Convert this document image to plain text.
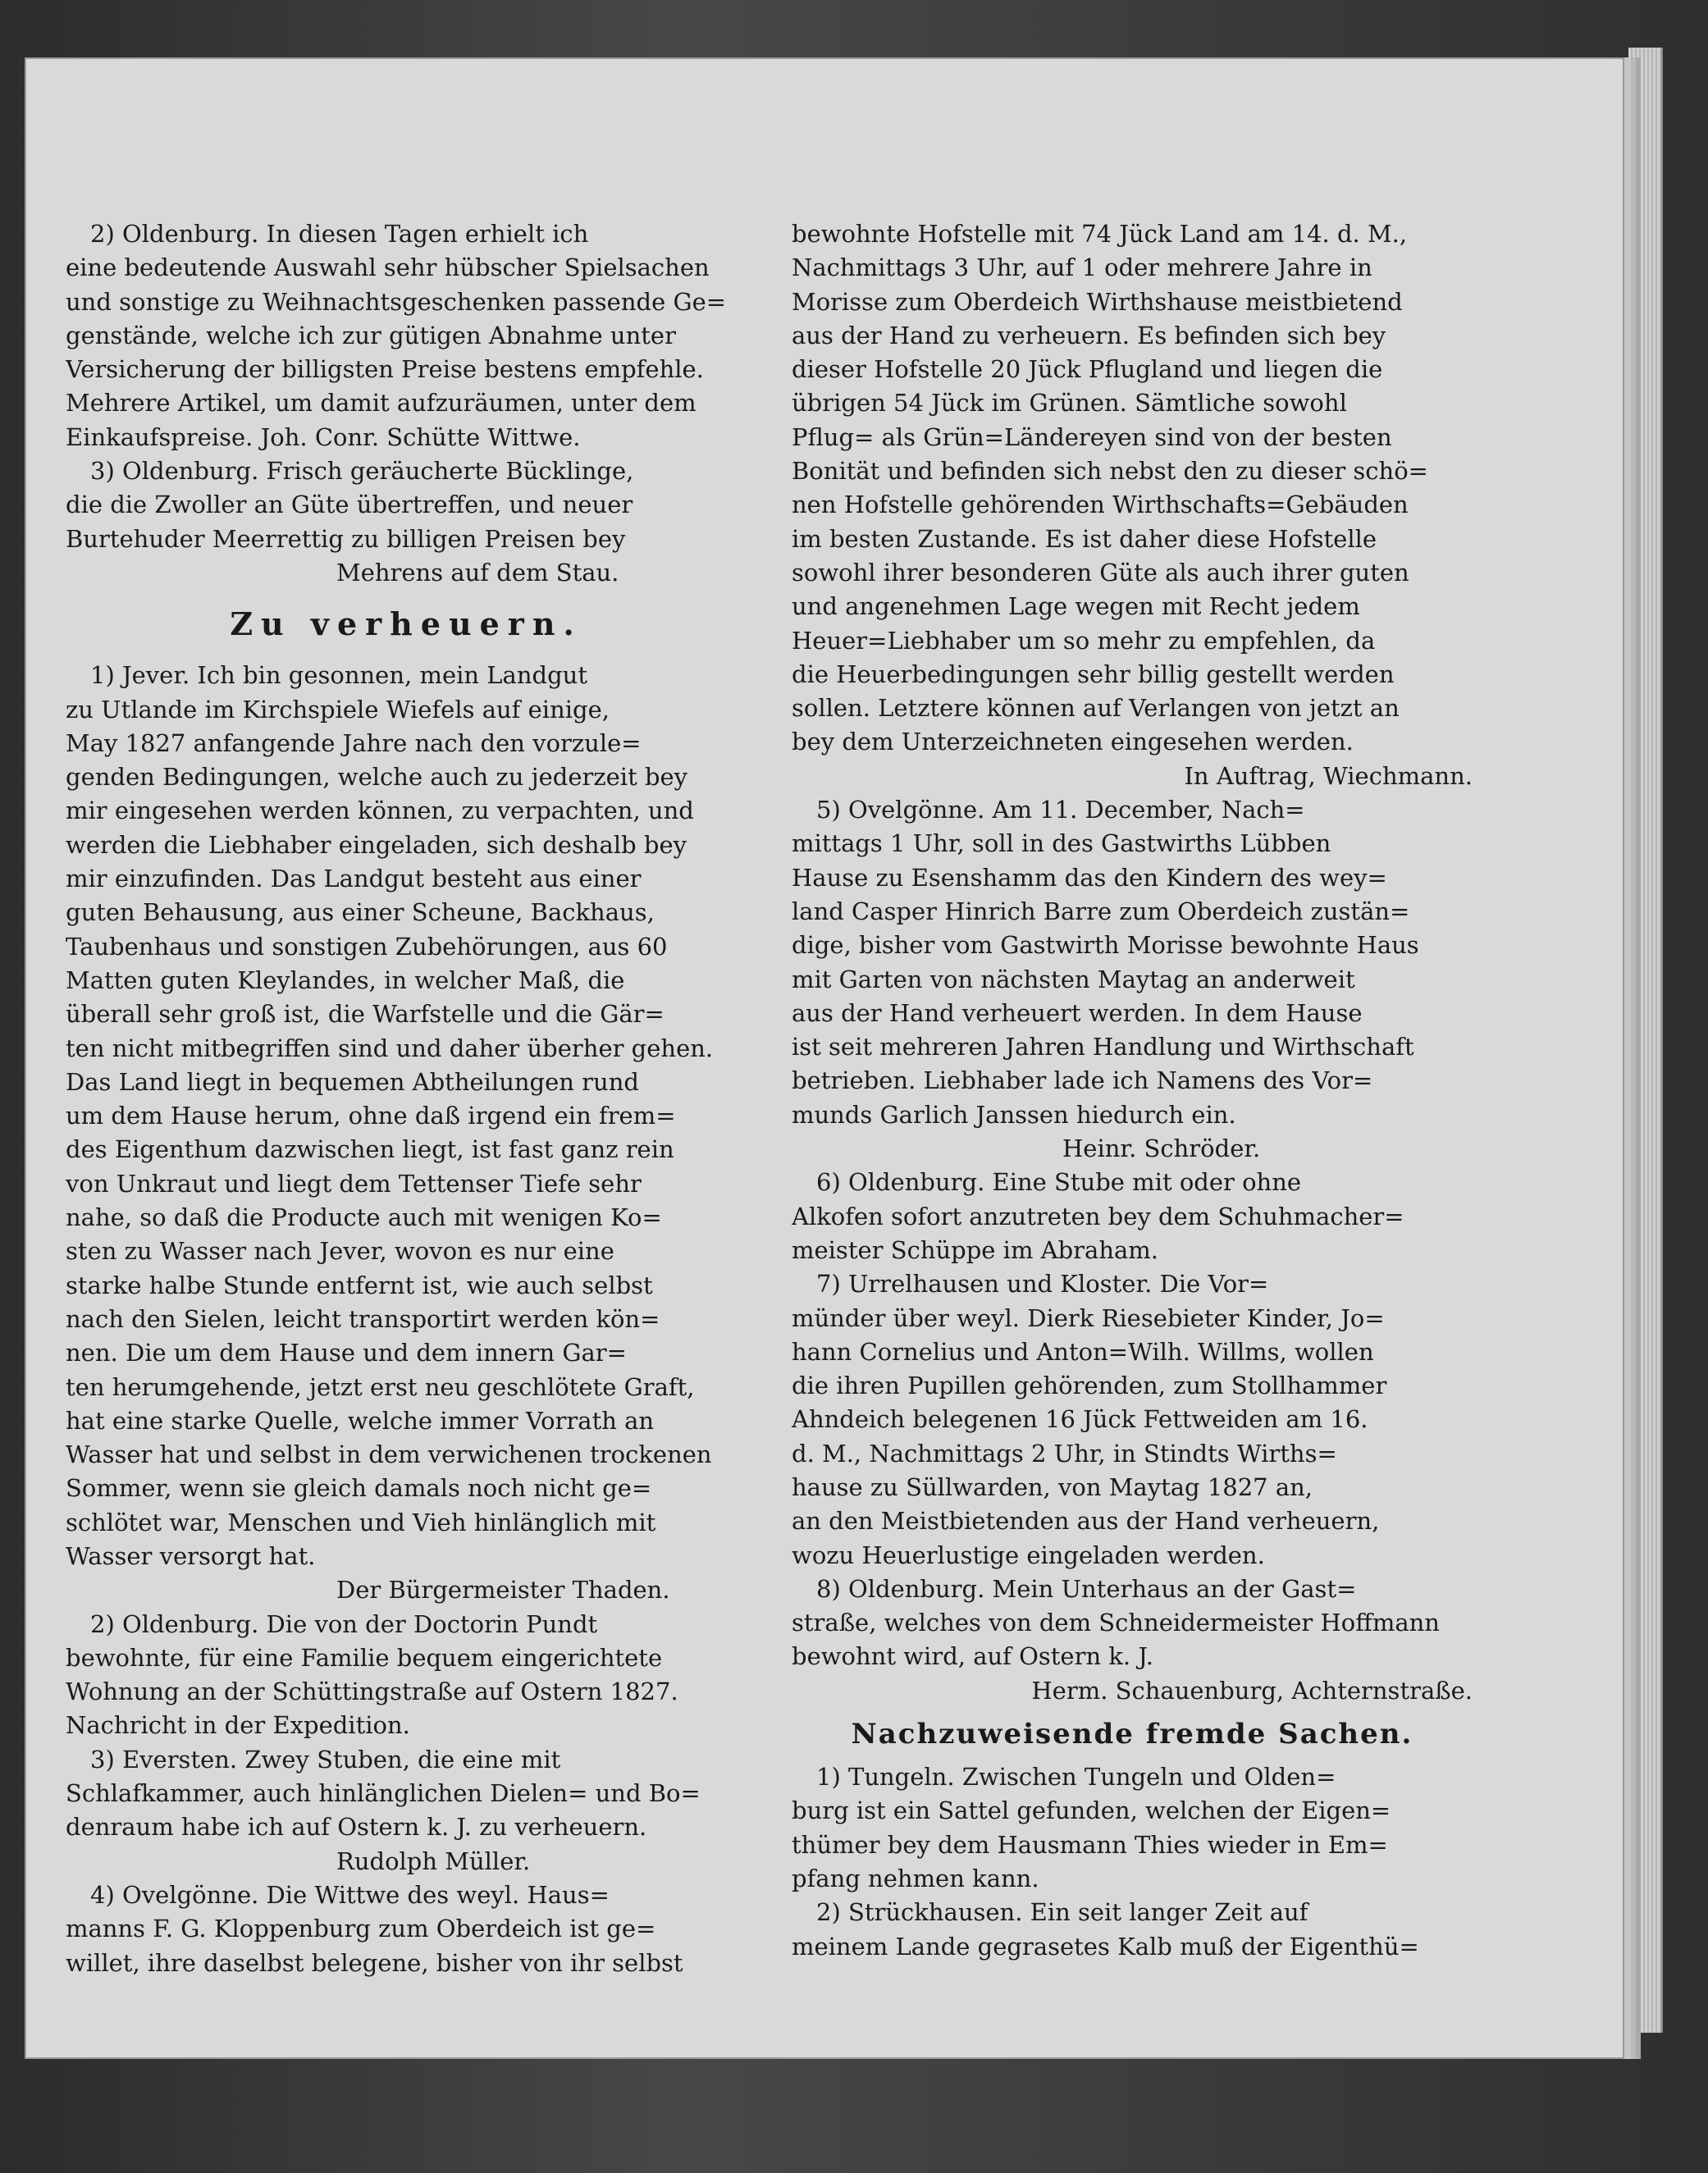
2) Oldenburg. In diesen Tagen erhielt ich
eine bedeutende Auswahl sehr hübscher Spielsachen
und sonstige zu Weihnachtsgeschenken passende Ge=
genstände, welche ich zur gütigen Abnahme unter
Versicherung der billigsten Preise bestens empfehle.
Mehrere Artikel, um damit aufzuräumen, unter dem
Einkaufspreise. Joh. Conr. Schütte Wittwe.
3) Oldenburg. Frisch geräucherte Bücklinge,
die die Zwoller an Güte übertreffen, und neuer
Burtehuder Meerrettig zu billigen Preisen bey
Mehrens auf dem Stau.
Zu verheuern.
1) Jever. Ich bin gesonnen, mein Landgut
zu Utlande im Kirchspiele Wiefels auf einige,
May 1827 anfangende Jahre nach den vorzule=
genden Bedingungen, welche auch zu jederzeit bey
mir eingesehen werden können, zu verpachten, und
werden die Liebhaber eingeladen, sich deshalb bey
mir einzufinden. Das Landgut besteht aus einer
guten Behausung, aus einer Scheune, Backhaus,
Taubenhaus und sonstigen Zubehörungen, aus 60
Matten guten Kleylandes, in welcher Maß, die
überall sehr groß ist, die Warfstelle und die Gär=
ten nicht mitbegriffen sind und daher überher gehen.
Das Land liegt in bequemen Abtheilungen rund
um dem Hause herum, ohne daß irgend ein frem=
des Eigenthum dazwischen liegt, ist fast ganz rein
von Unkraut und liegt dem Tettenser Tiefe sehr
nahe, so daß die Producte auch mit wenigen Ko=
sten zu Wasser nach Jever, wovon es nur eine
starke halbe Stunde entfernt ist, wie auch selbst
nach den Sielen, leicht transportirt werden kön=
nen. Die um dem Hause und dem innern Gar=
ten herumgehende, jetzt erst neu geschlötete Graft,
hat eine starke Quelle, welche immer Vorrath an
Wasser hat und selbst in dem verwichenen trockenen
Sommer, wenn sie gleich damals noch nicht ge=
schlötet war, Menschen und Vieh hinlänglich mit
Wasser versorgt hat.
Der Bürgermeister Thaden.
2) Oldenburg. Die von der Doctorin Pundt
bewohnte, für eine Familie bequem eingerichtete
Wohnung an der Schüttingstraße auf Ostern 1827.
Nachricht in der Expedition.
3) Eversten. Zwey Stuben, die eine mit
Schlafkammer, auch hinlänglichen Dielen= und Bo=
denraum habe ich auf Ostern k. J. zu verheuern.
Rudolph Müller.
4) Ovelgönne. Die Wittwe des weyl. Haus=
manns F. G. Kloppenburg zum Oberdeich ist ge=
willet, ihre daselbst belegene, bisher von ihr selbst
bewohnte Hofstelle mit 74 Jück Land am 14. d. M.,
Nachmittags 3 Uhr, auf 1 oder mehrere Jahre in
Morisse zum Oberdeich Wirthshause meistbietend
aus der Hand zu verheuern. Es befinden sich bey
dieser Hofstelle 20 Jück Pflugland und liegen die
übrigen 54 Jück im Grünen. Sämtliche sowohl
Pflug= als Grün=Ländereyen sind von der besten
Bonität und befinden sich nebst den zu dieser schö=
nen Hofstelle gehörenden Wirthschafts=Gebäuden
im besten Zustande. Es ist daher diese Hofstelle
sowohl ihrer besonderen Güte als auch ihrer guten
und angenehmen Lage wegen mit Recht jedem
Heuer=Liebhaber um so mehr zu empfehlen, da
die Heuerbedingungen sehr billig gestellt werden
sollen. Letztere können auf Verlangen von jetzt an
bey dem Unterzeichneten eingesehen werden.
In Auftrag, Wiechmann.
5) Ovelgönne. Am 11. December, Nach=
mittags 1 Uhr, soll in des Gastwirths Lübben
Hause zu Esenshamm das den Kindern des wey=
land Casper Hinrich Barre zum Oberdeich zustän=
dige, bisher vom Gastwirth Morisse bewohnte Haus
mit Garten von nächsten Maytag an anderweit
aus der Hand verheuert werden. In dem Hause
ist seit mehreren Jahren Handlung und Wirthschaft
betrieben. Liebhaber lade ich Namens des Vor=
munds Garlich Janssen hiedurch ein.
Heinr. Schröder.
6) Oldenburg. Eine Stube mit oder ohne
Alkofen sofort anzutreten bey dem Schuhmacher=
meister Schüppe im Abraham.
7) Urrelhausen und Kloster. Die Vor=
münder über weyl. Dierk Riesebieter Kinder, Jo=
hann Cornelius und Anton=Wilh. Willms, wollen
die ihren Pupillen gehörenden, zum Stollhammer
Ahndeich belegenen 16 Jück Fettweiden am 16.
d. M., Nachmittags 2 Uhr, in Stindts Wirths=
hause zu Süllwarden, von Maytag 1827 an,
an den Meistbietenden aus der Hand verheuern,
wozu Heuerlustige eingeladen werden.
8) Oldenburg. Mein Unterhaus an der Gast=
straße, welches von dem Schneidermeister Hoffmann
bewohnt wird, auf Ostern k. J.
Herm. Schauenburg, Achternstraße.
Nachzuweisende fremde Sachen.
1) Tungeln. Zwischen Tungeln und Olden=
burg ist ein Sattel gefunden, welchen der Eigen=
thümer bey dem Hausmann Thies wieder in Em=
pfang nehmen kann.
2) Strückhausen. Ein seit langer Zeit auf
meinem Lande gegrasetes Kalb muß der Eigenthü=
